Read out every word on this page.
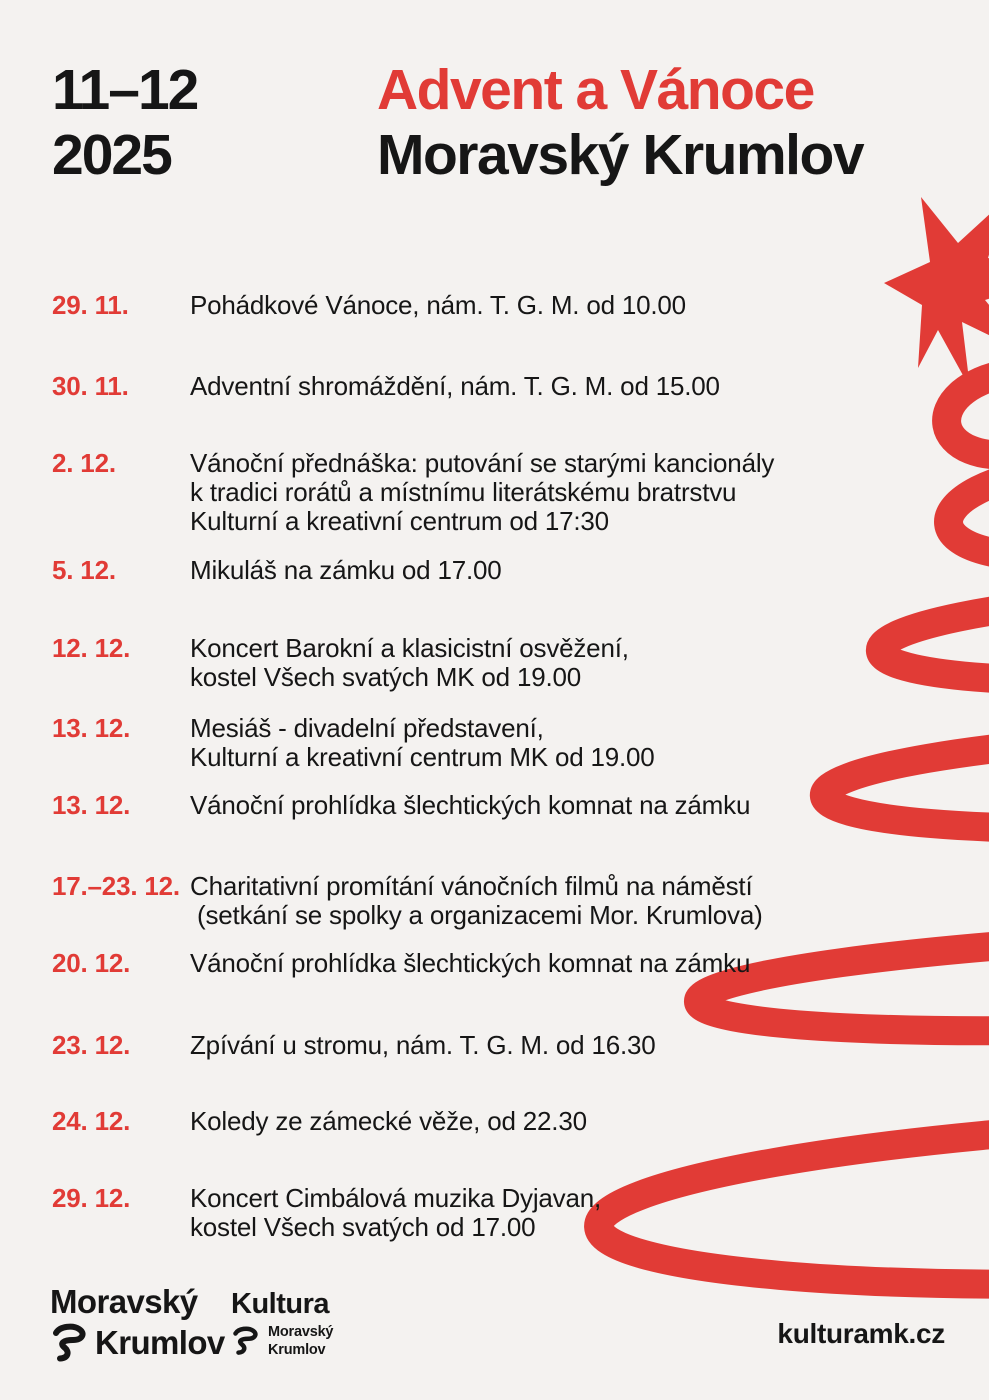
11–12
2025
Advent a Vánoce
Moravský Krumlov
29. 11. Pohádkové Vánoce, nám. T. G. M. od 10.00
30. 11. Adventní shromáždění, nám. T. G. M. od 15.00
2. 12.	Vánoční přednáška: putování se starými kancionály
k tradici rorátů a místnímu literátskému bratrstvu
Kulturní a kreativní centrum od 17:30
5. 12.	Mikuláš na zámku od 17.00
12. 12. Koncert Barokní a klasicistní osvěžení,
kostel Všech svatých MK od 19.00
13. 12. Mesiáš - divadelní představení,
Kulturní a kreativní centrum MK od 19.00
13. 12. Vánoční prohlídka šlechtických komnat na zámku
17.–23. 12. Charitativní promítání vánočních filmů na náměstí
(setkání se spolky a organizacemi Mor. Krumlova)
20. 12. Vánoční prohlídka šlechtických komnat na zámku
23. 12. Zpívání u stromu, nám. T. G. M. od 16.30
24. 12. Koledy ze zámecké věže, od 22.30
29. 12. Koncert Cimbálová muzika Dyjavan,
kostel Všech svatých od 17.00
Moravský
Krumlov
Kultura
Moravský
Krumlov
kulturamk.cz
